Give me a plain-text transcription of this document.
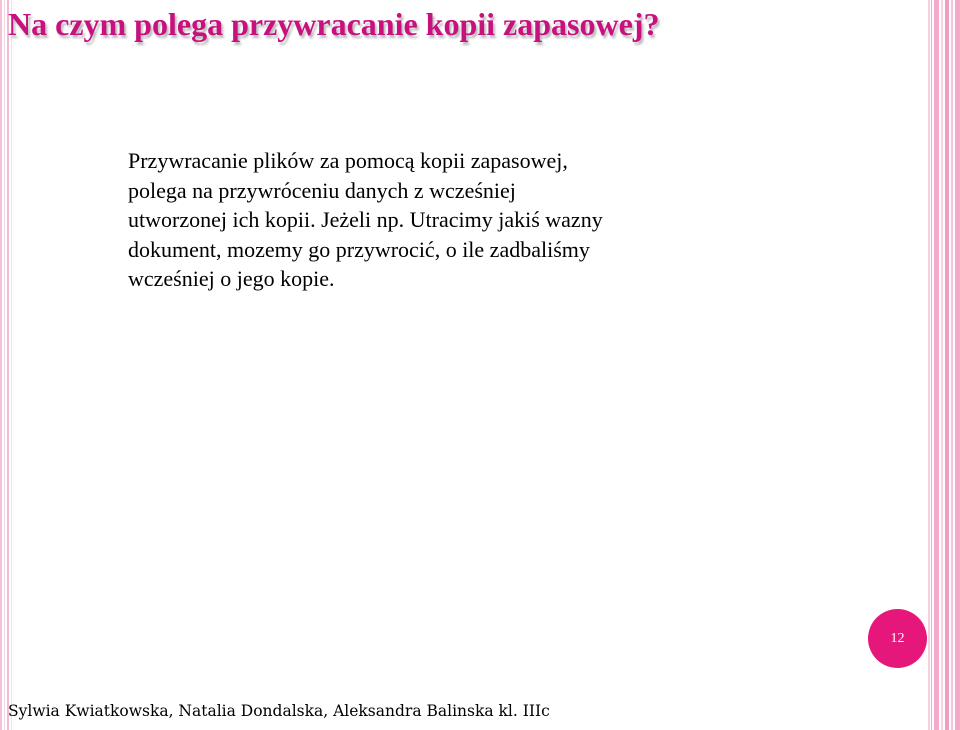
Na czym polega przywracanie kopii zapasowej?

Przywracanie plików za pomocą kopii zapasowej, polega na przywróceniu danych z wcześniej utworzonej ich kopii. Jeżeli np. Utracimy jakiś wazny dokument, mozemy go przywrocić, o ile zadbaliśmy wcześniej o jego kopie.

12

Sylwia Kwiatkowska, Natalia Dondalska, Aleksandra Balinska kl. IIIc
